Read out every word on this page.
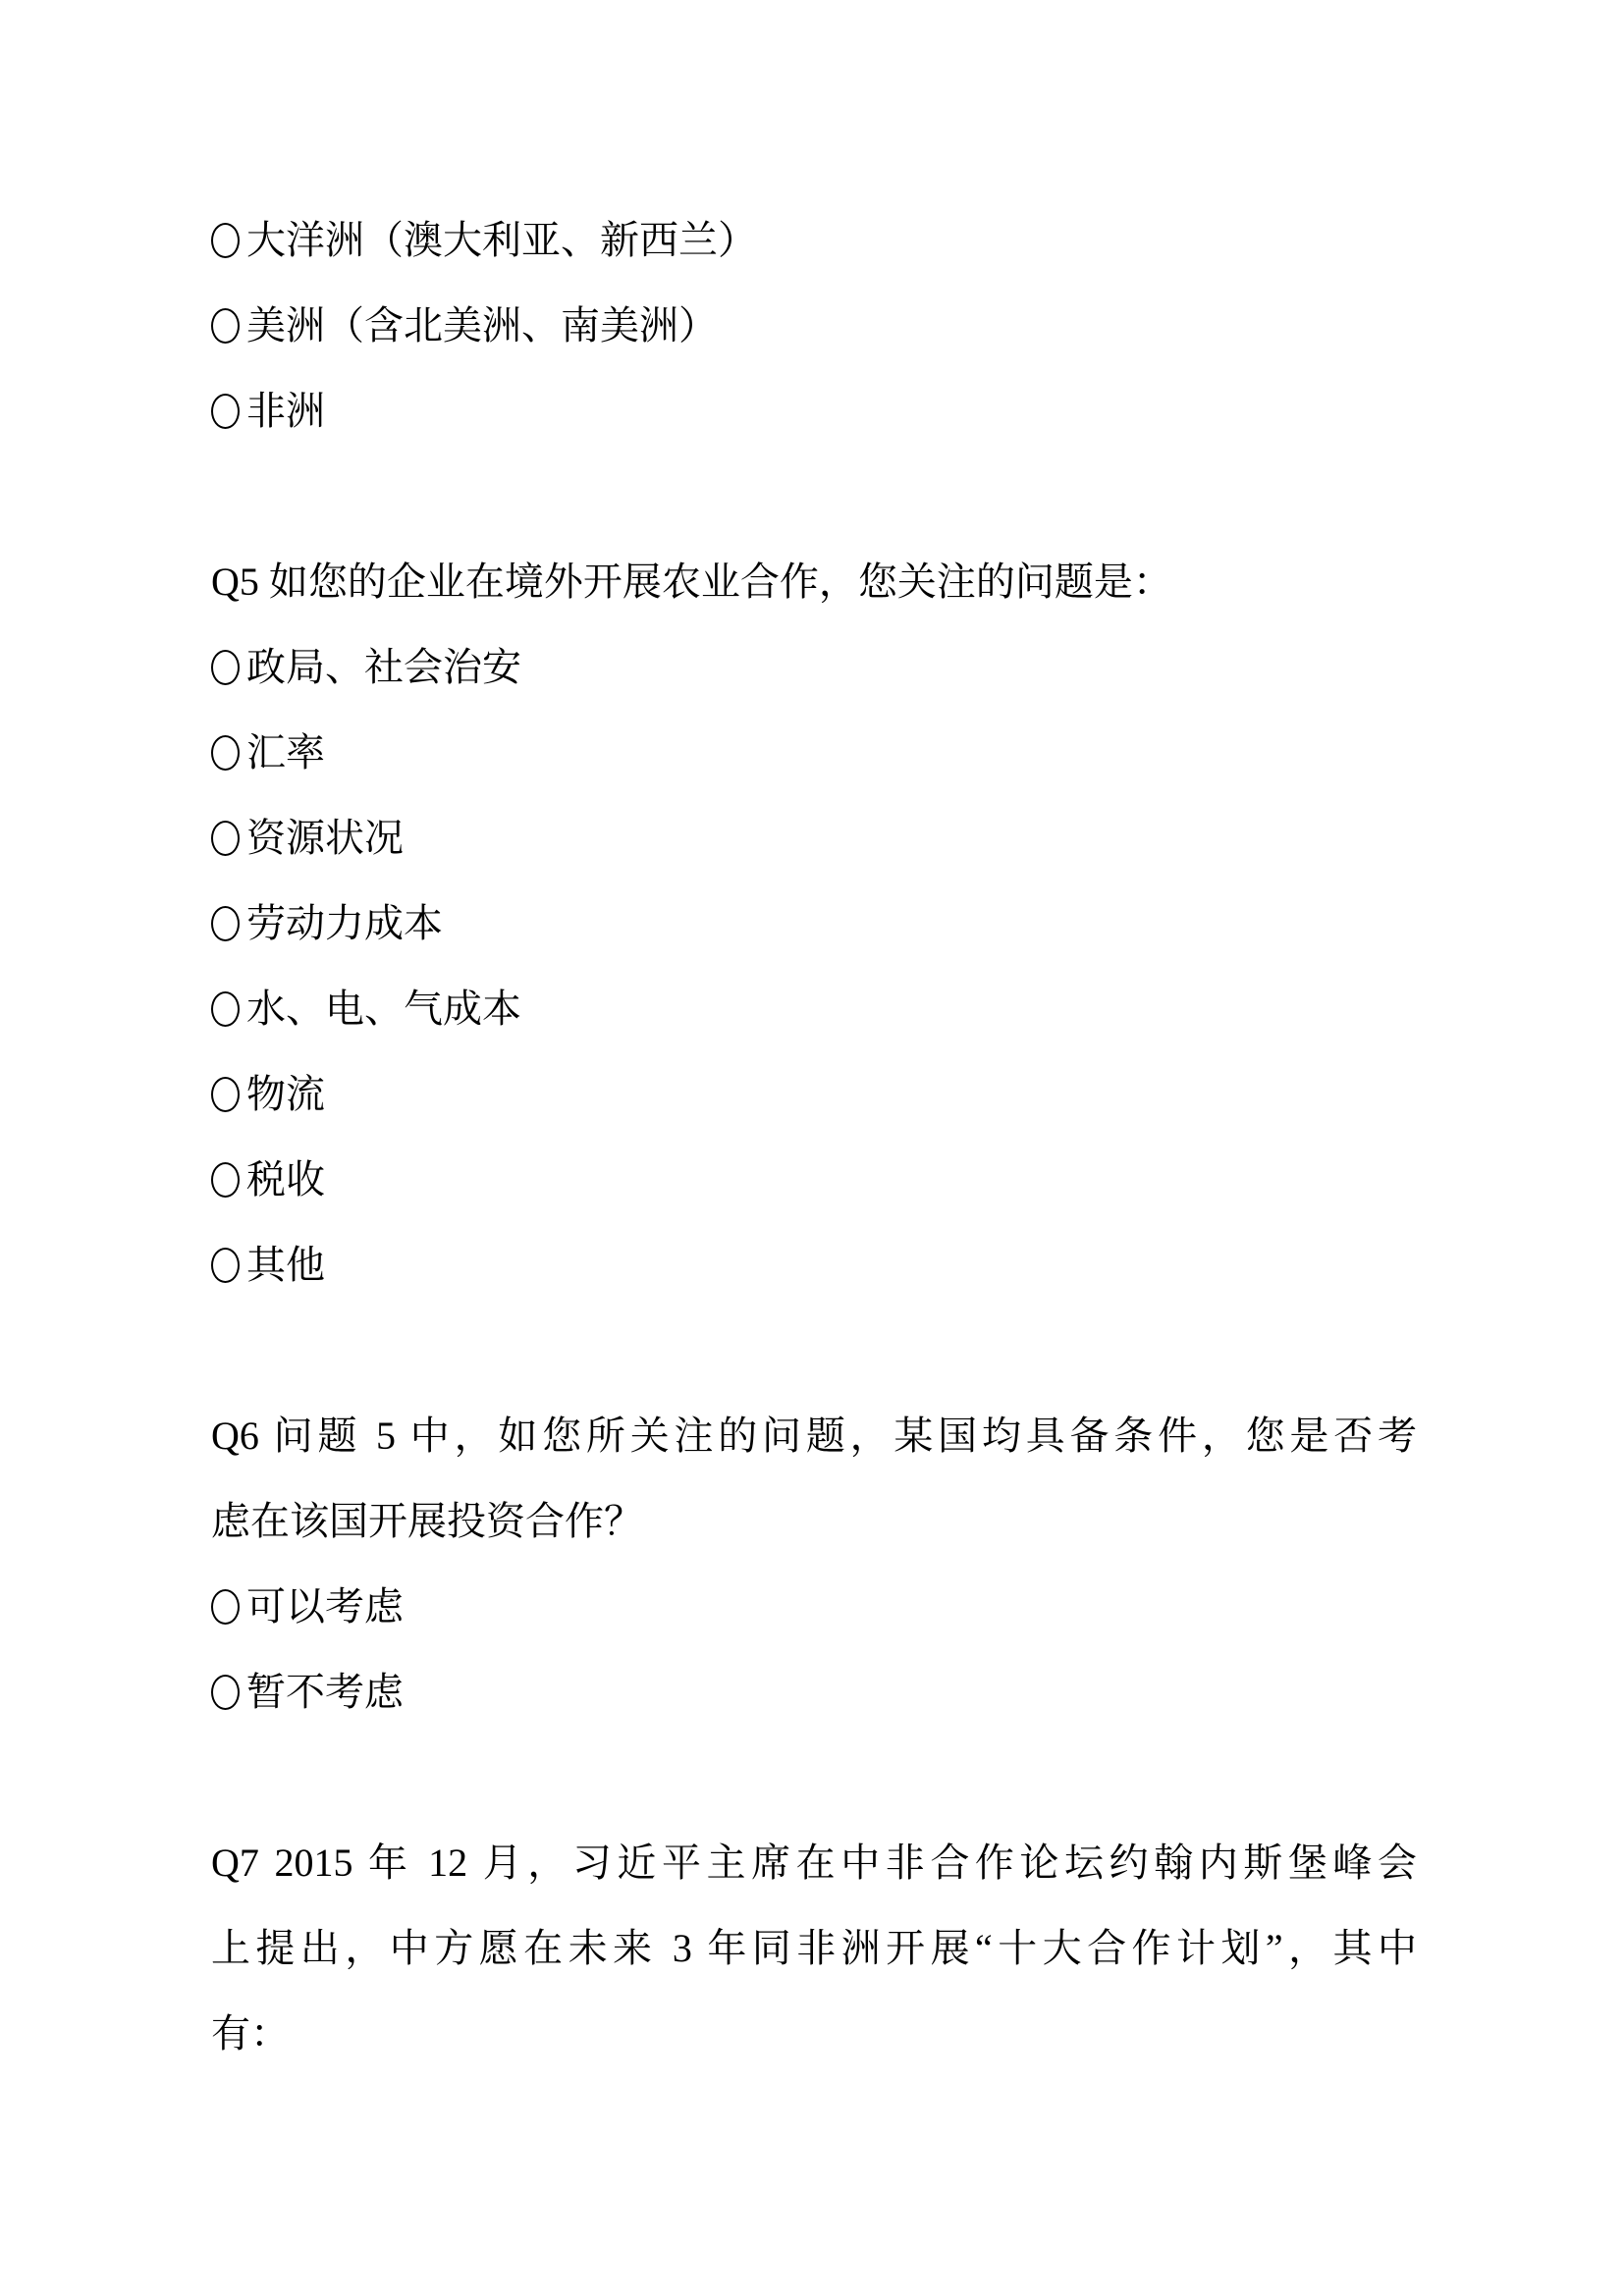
大洋洲（澳大利亚、新西兰）
美洲（含北美洲、南美洲）
非洲
Q5 如您的企业在境外开展农业合作，您关注的问题是：
政局、社会治安
汇率
资源状况
劳动力成本
水、电、气成本
物流
税收
其他
Q6 问题 5 中，如您所关注的问题，某国均具备条件，您是否考
虑在该国开展投资合作？
可以考虑
暂不考虑
Q7 2015 年 12 月，习近平主席在中非合作论坛约翰内斯堡峰会
上提出，中方愿在未来 3 年同非洲开展“十大合作计划”，其中
有：
